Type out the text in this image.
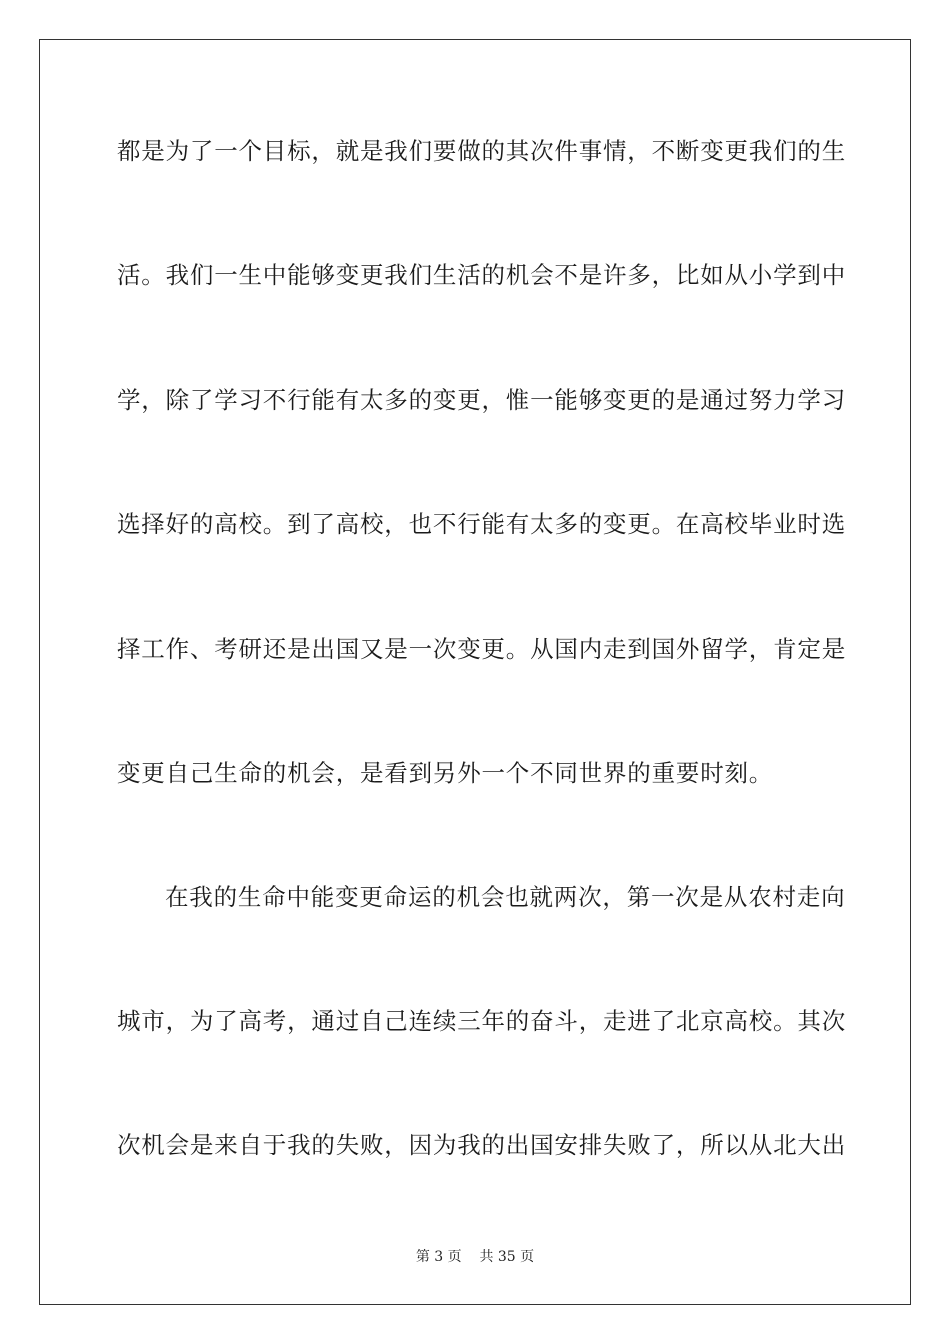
都是为了一个目标，就是我们要做的其次件事情，不断变更我们的生
活。我们一生中能够变更我们生活的机会不是许多，比如从小学到中
学，除了学习不行能有太多的变更，惟一能够变更的是通过努力学习
选择好的高校。到了高校，也不行能有太多的变更。在高校毕业时选
择工作、考研还是出国又是一次变更。从国内走到国外留学，肯定是
变更自己生命的机会，是看到另外一个不同世界的重要时刻。
在我的生命中能变更命运的机会也就两次，第一次是从农村走向
城市，为了高考，通过自己连续三年的奋斗，走进了北京高校。其次
次机会是来自于我的失败，因为我的出国安排失败了，所以从北大出
第 3 页 共 35 页
